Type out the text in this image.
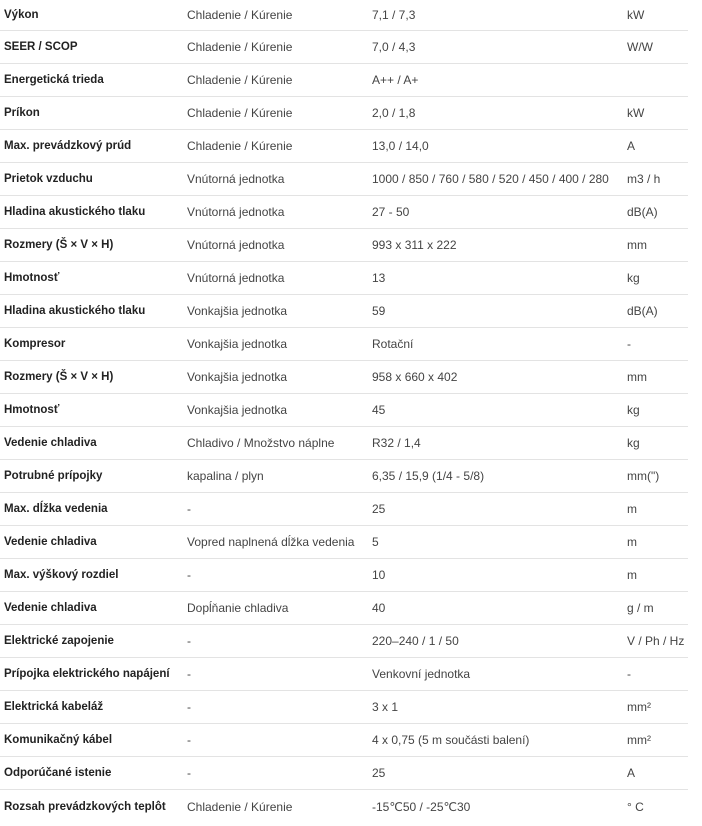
Výkon	Chladenie / Kúrenie	7,1 / 7,3	kW
SEER / SCOP	Chladenie / Kúrenie	7,0 / 4,3	W/W
Energetická trieda	Chladenie / Kúrenie	A++ / A+
Príkon	Chladenie / Kúrenie	2,0 / 1,8	kW
Max. prevádzkový prúd	Chladenie / Kúrenie	13,0 / 14,0	A
Prietok vzduchu	Vnútorná jednotka	1000 / 850 / 760 / 580 / 520 / 450 / 400 / 280	m3 / h
Hladina akustického tlaku	Vnútorná jednotka	27 - 50	dB(A)
Rozmery (Š × V × H)	Vnútorná jednotka	993 x 311 x 222	mm
Hmotnosť	Vnútorná jednotka	13	kg
Hladina akustického tlaku	Vonkajšia jednotka	59	dB(A)
Kompresor	Vonkajšia jednotka	Rotační	-
Rozmery (Š × V × H)	Vonkajšia jednotka	958 x 660 x 402	mm
Hmotnosť	Vonkajšia jednotka	45	kg
Vedenie chladiva	Chladivo / Množstvo náplne	R32 / 1,4	kg
Potrubné prípojky	kapalina / plyn	6,35 / 15,9 (1/4 - 5/8)	mm(")
Max. dĺžka vedenia	-	25	m
Vedenie chladiva	Vopred naplnená dĺžka vedenia	5	m
Max. výškový rozdiel	-	10	m
Vedenie chladiva	Dopĺňanie chladiva	40	g / m
Elektrické zapojenie	-	220–240 / 1 / 50	V / Ph / Hz
Prípojka elektrického napájení	-	Venkovní jednotka	-
Elektrická kabeláž	-	3 x 1	mm²
Komunikačný kábel	-	4 x 0,75 (5 m součásti balení)	mm²
Odporúčané istenie	-	25	A
Rozsah prevádzkových teplôt	Chladenie / Kúrenie	-15℃50 / -25℃30	° C
